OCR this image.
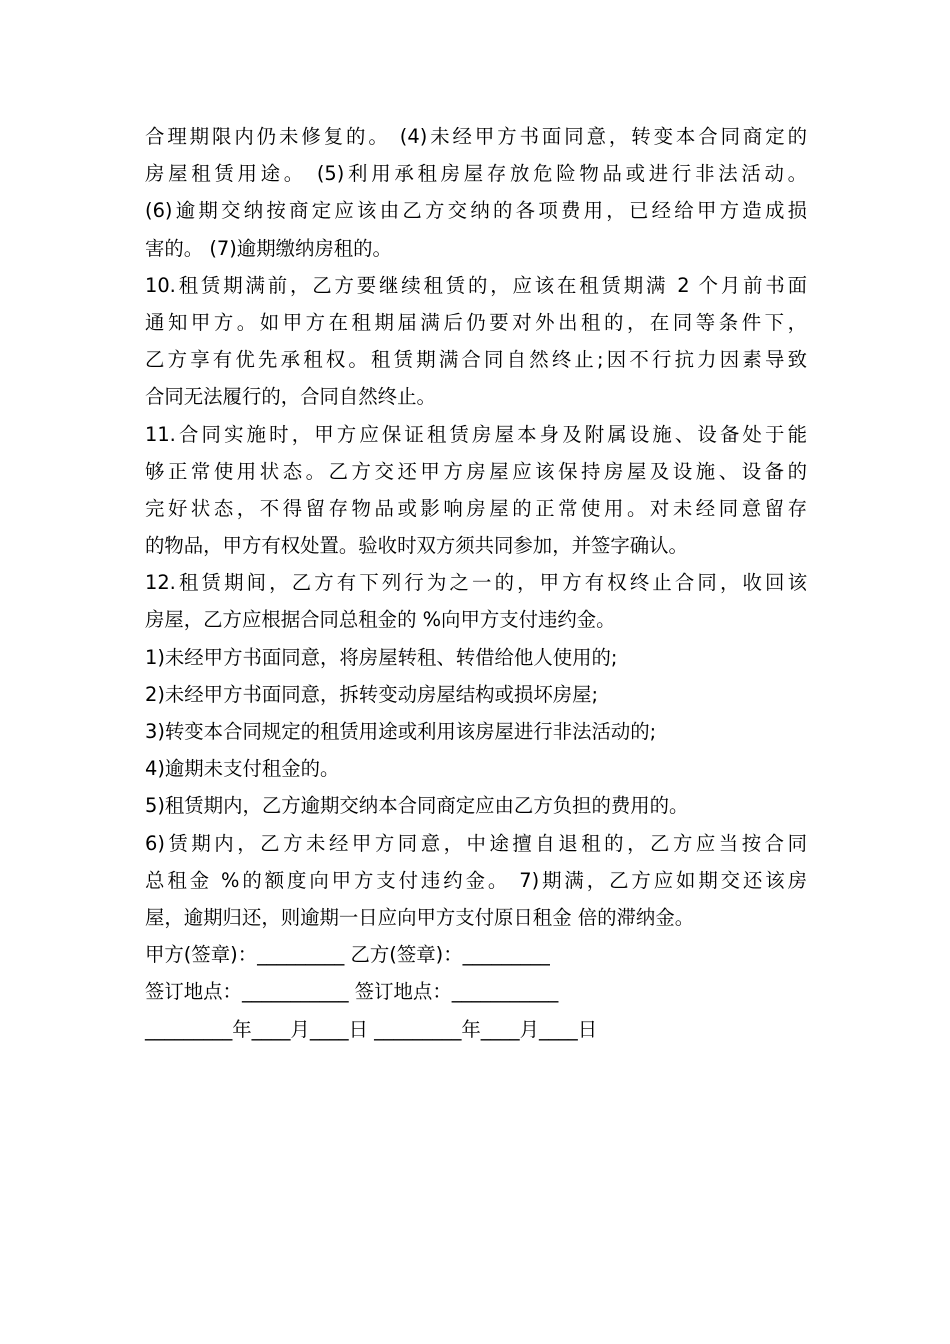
合理期限内仍未修复的。 (4)未经甲方书面同意，转变本合同商定的
房屋租赁用途。 (5)利用承租房屋存放危险物品或进行非法活动。
(6)逾期交纳按商定应该由乙方交纳的各项费用，已经给甲方造成损
害的。 (7)逾期缴纳房租的。
10.租赁期满前，乙方要继续租赁的，应该在租赁期满 2 个月前书面
通知甲方。如甲方在租期届满后仍要对外出租的，在同等条件下，
乙方享有优先承租权。租赁期满合同自然终止;因不行抗力因素导致
合同无法履行的，合同自然终止。
11.合同实施时，甲方应保证租赁房屋本身及附属设施、设备处于能
够正常使用状态。乙方交还甲方房屋应该保持房屋及设施、设备的
完好状态，不得留存物品或影响房屋的正常使用。对未经同意留存
的物品，甲方有权处置。验收时双方须共同参加，并签字确认。
12.租赁期间，乙方有下列行为之一的，甲方有权终止合同，收回该
房屋，乙方应根据合同总租金的 %向甲方支付违约金。
1)未经甲方书面同意，将房屋转租、转借给他人使用的;
2)未经甲方书面同意，拆转变动房屋结构或损坏房屋;
3)转变本合同规定的租赁用途或利用该房屋进行非法活动的;
4)逾期未支付租金的。
5)租赁期内，乙方逾期交纳本合同商定应由乙方负担的费用的。
6)赁期内，乙方未经甲方同意，中途擅自退租的，乙方应当按合同
总租金 %的额度向甲方支付违约金。 7)期满，乙方应如期交还该房
屋，逾期归还，则逾期一日应向甲方支付原日租金 倍的滞纳金。
甲方(签章)：_________ 乙方(签章)：_________
签订地点：___________ 签订地点：___________
_________年____月____日 _________年____月____日
